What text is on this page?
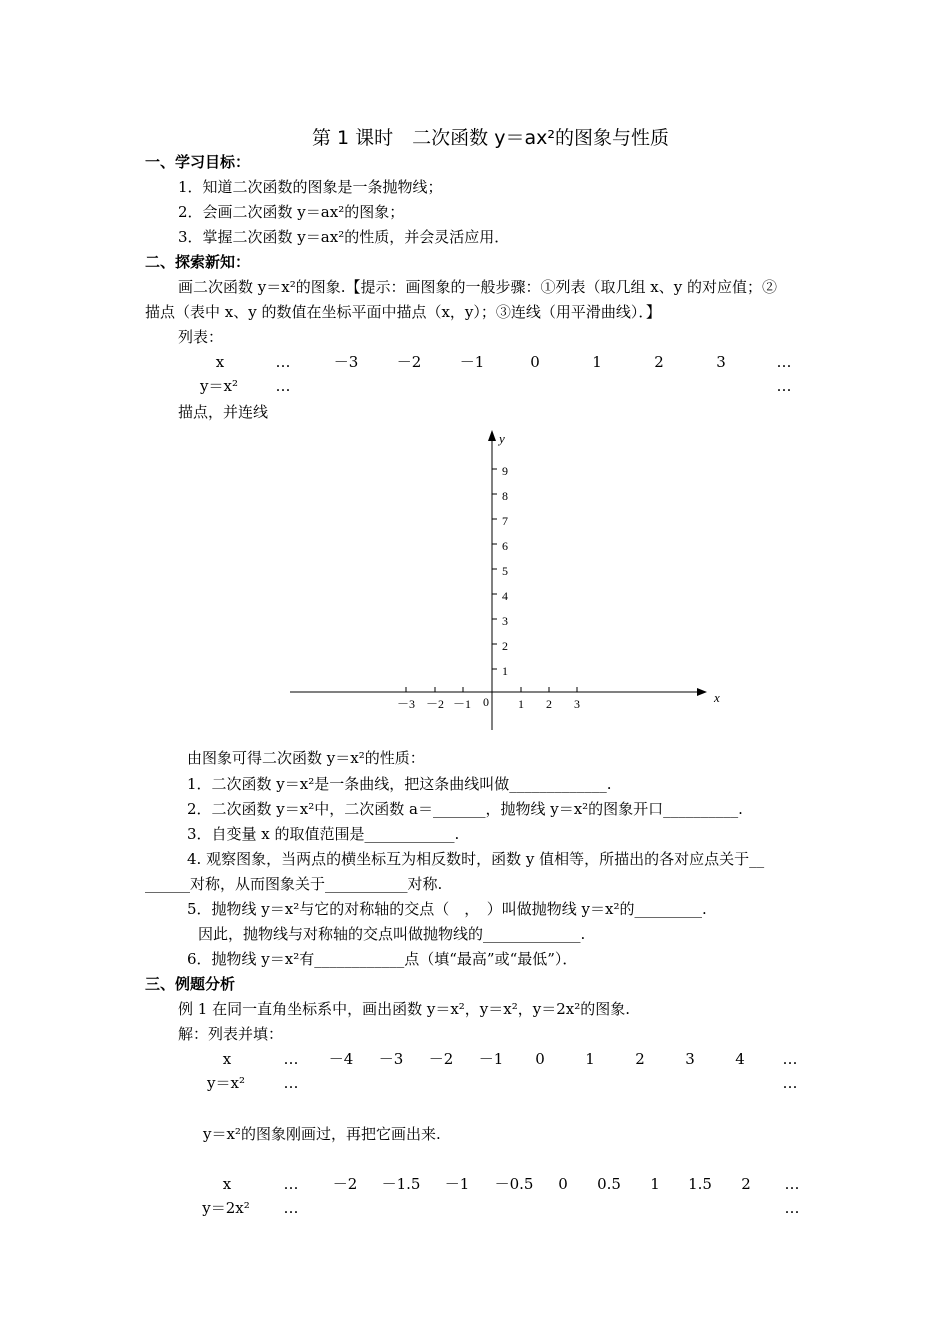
第 1 课时　二次函数 y＝ax²的图象与性质
一、学习目标：
1．知道二次函数的图象是一条抛物线；
2．会画二次函数 y＝ax²的图象；
3．掌握二次函数 y＝ax²的性质，并会灵活应用．
二、探索新知：
画二次函数 y＝x²的图象.【提示：画图象的一般步骤：①列表（取几组 x、y 的对应值；②
描点（表中 x、y 的数值在坐标平面中描点（x，y）；③连线（用平滑曲线）．】
列表：
x	…	－3	－2	－1	0	1	2	3	…
y＝x²	…	…
描点，并连线
x
y
0
－3 －2 －1	1 2 3
1
2
3
4
5
6
7
8
9
由图象可得二次函数 y＝x²的性质：
1．二次函数 y＝x²是一条曲线，把这条曲线叫做_____________.
2．二次函数 y＝x²中，二次函数 a＝_______，抛物线 y＝x²的图象开口__________.
3．自变量 x 的取值范围是____________.
4. 观察图象，当两点的横坐标互为相反数时，函数 y 值相等，所描出的各对应点关于__
______对称，从而图象关于___________对称.
5．抛物线 y＝x²与它的对称轴的交点（　，　）叫做抛物线 y＝x²的_________.
因此，抛物线与对称轴的交点叫做抛物线的_____________.
6．抛物线 y＝x²有____________点（填“最高”或“最低”）．
三、例题分析
例 1 在同一直角坐标系中，画出函数 y＝x²，y＝x²，y＝2x²的图象.
解：列表并填：
x	… －4 －3 －2 －1 0	1	2	3	4	…
y＝x²	…	…
y＝x²的图象刚画过，再把它画出来.
x	… －2 －1.5 －1 －0.5 0 0.5 1 1.5 2 …
y＝2x² …	…
